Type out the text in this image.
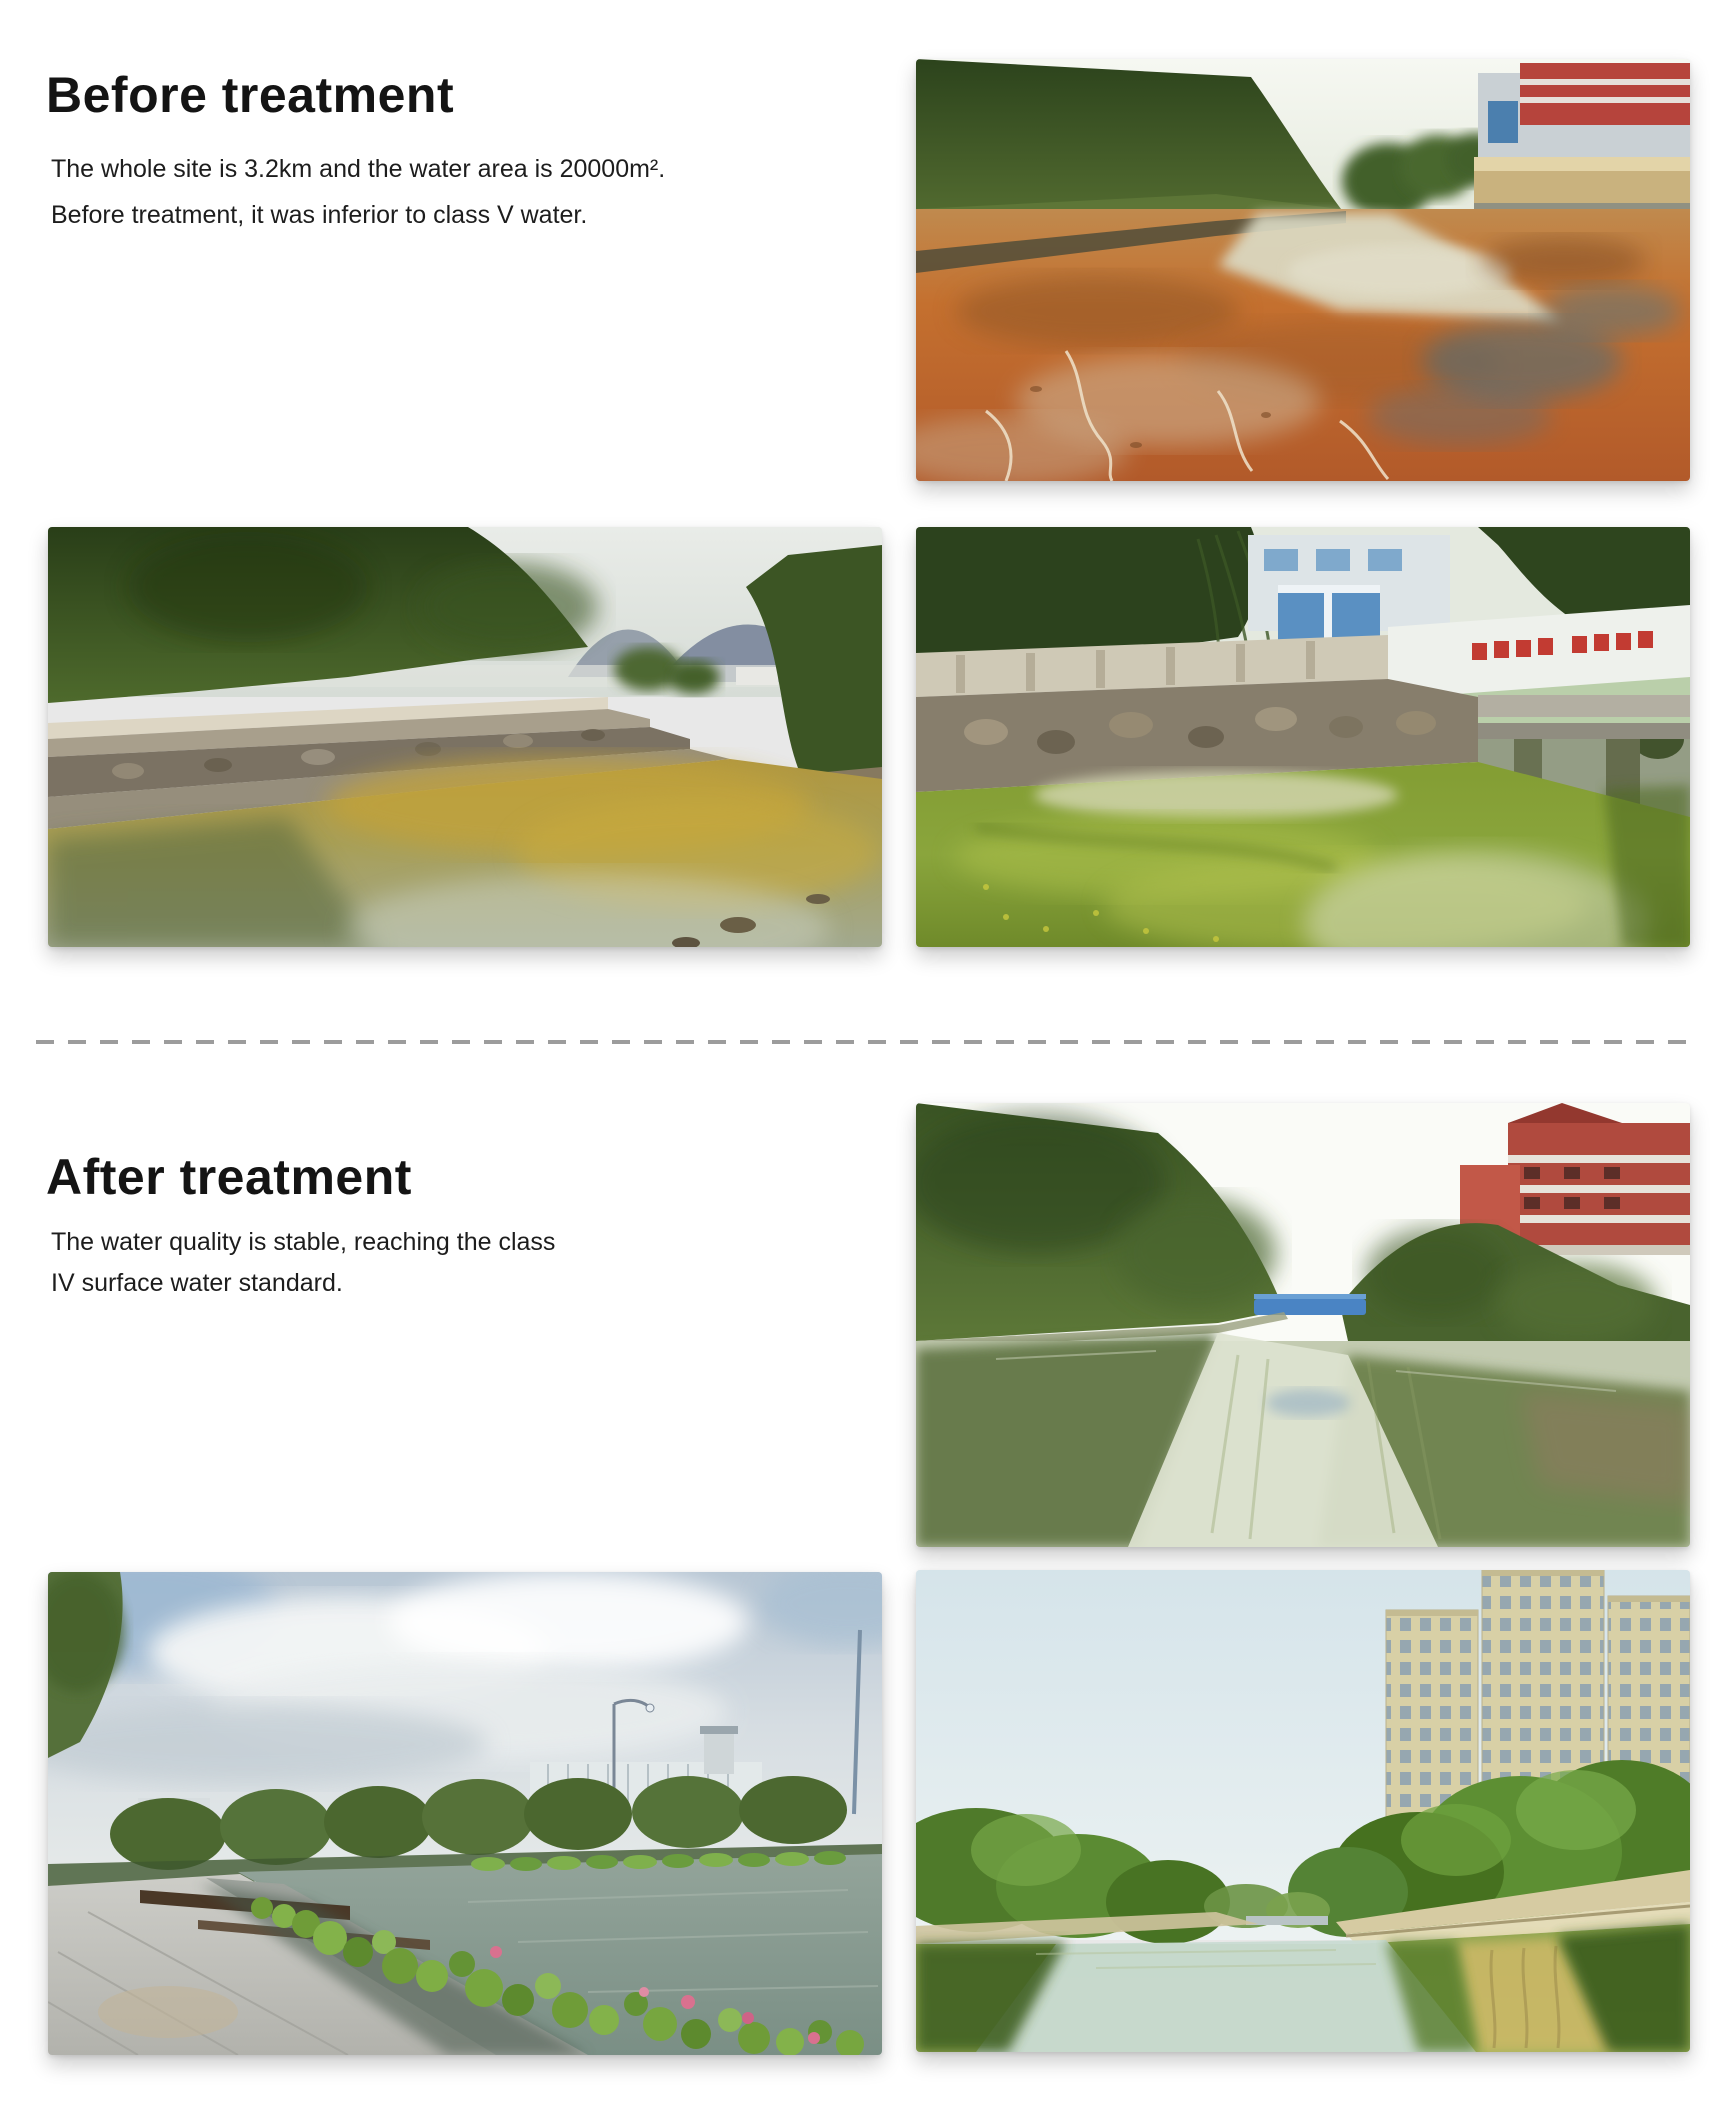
Before treatment
The whole site is 3.2km and the water area is 20000m².
Before treatment, it was inferior to class V water.
After treatment
The water quality is stable, reaching the class
IV surface water standard.
